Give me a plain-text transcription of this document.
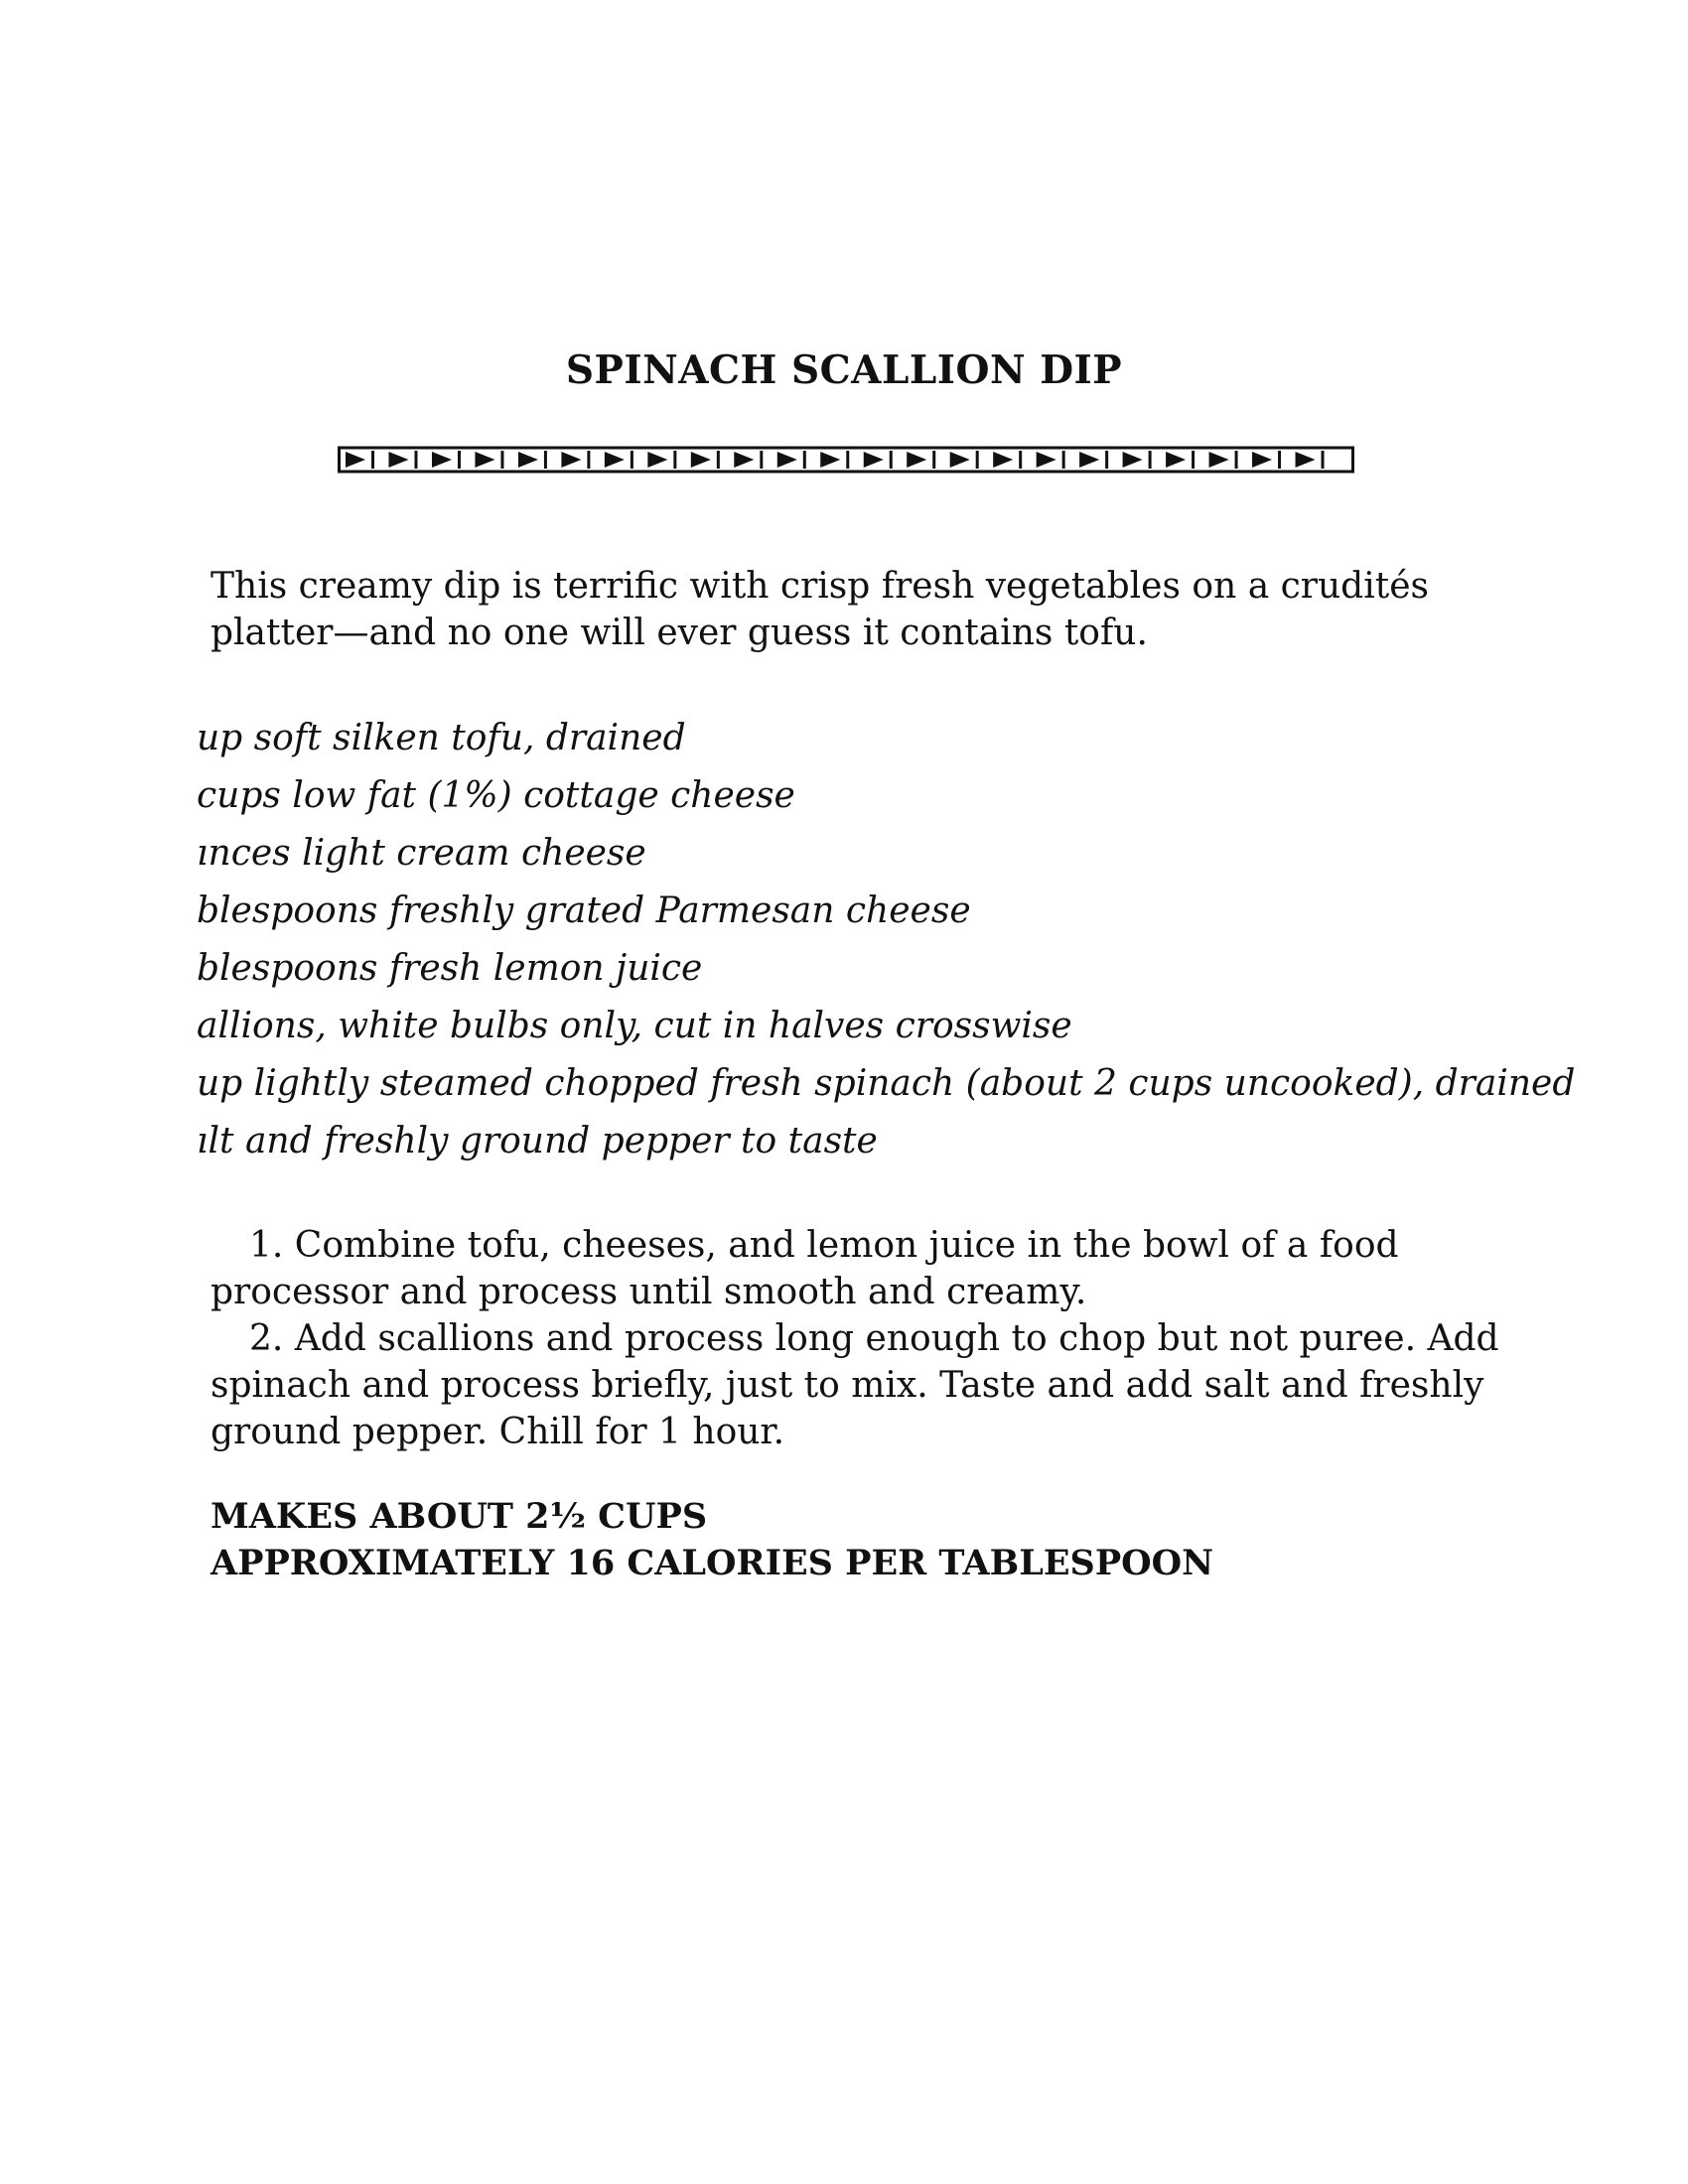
SPINACH SCALLION DIP

This creamy dip is terrific with crisp fresh vegetables on a crudités platter—and no one will ever guess it contains tofu.

up soft silken tofu, drained
cups low fat (1%) cottage cheese
ınces light cream cheese
blespoons freshly grated Parmesan cheese
blespoons fresh lemon juice
allions, white bulbs only, cut in halves crosswise
up lightly steamed chopped fresh spinach (about 2 cups uncooked), drained
ılt and freshly ground pepper to taste

1. Combine tofu, cheeses, and lemon juice in the bowl of a food processor and process until smooth and creamy.

2. Add scallions and process long enough to chop but not puree. Add spinach and process briefly, just to mix. Taste and add salt and freshly ground pepper. Chill for 1 hour.

MAKES ABOUT 2½ CUPS
APPROXIMATELY 16 CALORIES PER TABLESPOON
